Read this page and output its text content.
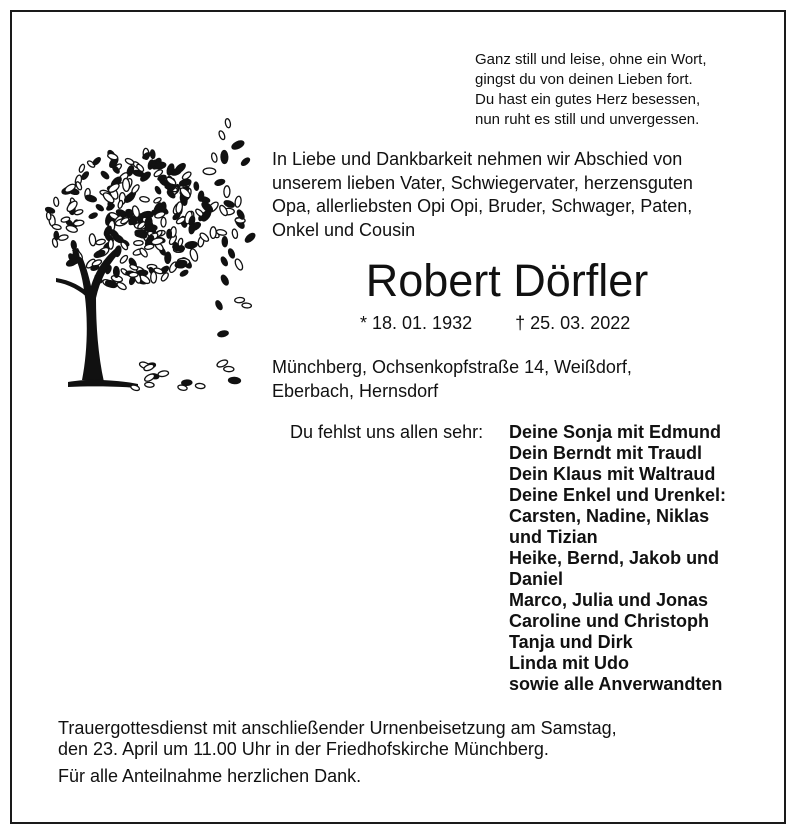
Ganz still und leise, ohne ein Wort,
gingst du von deinen Lieben fort.
Du hast ein gutes Herz besessen,
nun ruht es still und unvergessen.
In Liebe und Dankbarkeit nehmen wir Abschied von
unserem lieben Vater, Schwiegervater, herzensguten
Opa, allerliebsten Opi Opi, Bruder, Schwager, Paten,
Onkel und Cousin
Robert Dörfler
* 18. 01. 1932 † 25. 03. 2022
Münchberg, Ochsenkopfstraße 14, Weißdorf,
Eberbach, Hernsdorf
Du fehlst uns allen sehr: Deine Sonja mit Edmund
Dein Berndt mit Traudl
Dein Klaus mit Waltraud
Deine Enkel und Urenkel:
Carsten, Nadine, Niklas
und Tizian
Heike, Bernd, Jakob und
Daniel
Marco, Julia und Jonas
Caroline und Christoph
Tanja und Dirk
Linda mit Udo
sowie alle Anverwandten
Trauergottesdienst mit anschließender Urnenbeisetzung am Samstag,
den 23. April um 11.00 Uhr in der Friedhofskirche Münchberg.
Für alle Anteilnahme herzlichen Dank.
